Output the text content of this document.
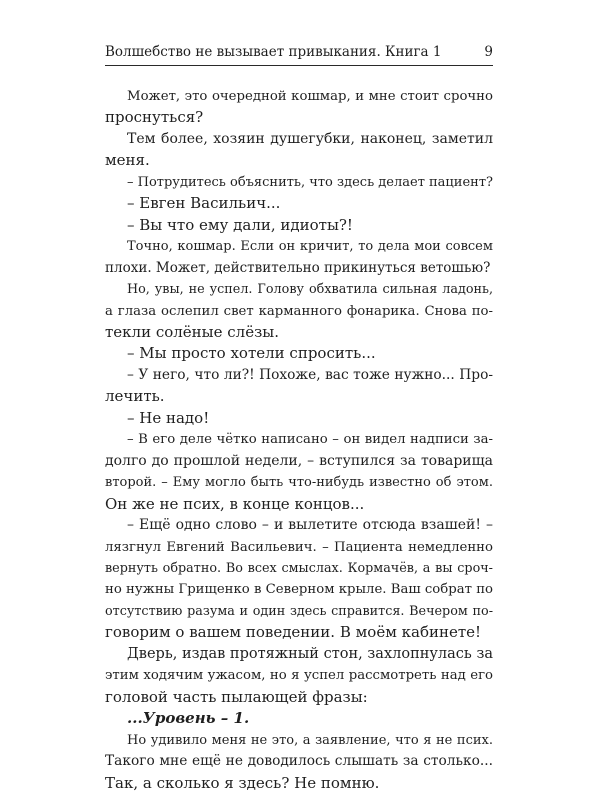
Волшебство не вызывает привыкания. Книга 1	9
Может, это очередной кошмар, и мне стоит срочно
проснуться?
Тем более, хозяин душегубки, наконец, заметил
меня.
– Потрудитесь объяснить, что здесь делает пациент?
– Евген Васильич...
– Вы что ему дали, идиоты?!
Точно, кошмар. Если он кричит, то дела мои совсем
плохи. Может, действительно прикинуться ветошью?
Но, увы, не успел. Голову обхватила сильная ладонь,
а глаза ослепил свет карманного фонарика. Снова по-
текли солёные слёзы.
– Мы просто хотели спросить...
– У него, что ли?! Похоже, вас тоже нужно... Про-
лечить.
– Не надо!
– В его деле чётко написано – он видел надписи за-
долго до прошлой недели, – вступился за товарища
второй. – Ему могло быть что-нибудь известно об этом.
Он же не псих, в конце концов...
– Ещё одно слово – и вылетите отсюда взашей! –
лязгнул Евгений Васильевич. – Пациента немедленно
вернуть обратно. Во всех смыслах. Кормачёв, а вы сроч-
но нужны Грищенко в Северном крыле. Ваш собрат по
отсутствию разума и один здесь справится. Вечером по-
говорим о вашем поведении. В моём кабинете!
Дверь, издав протяжный стон, захлопнулась за
этим ходячим ужасом, но я успел рассмотреть над его
головой часть пылающей фразы:
...Уровень – 1.
Но удивило меня не это, а заявление, что я не псих.
Такого мне ещё не доводилось слышать за столько...
Так, а сколько я здесь? Не помню.
